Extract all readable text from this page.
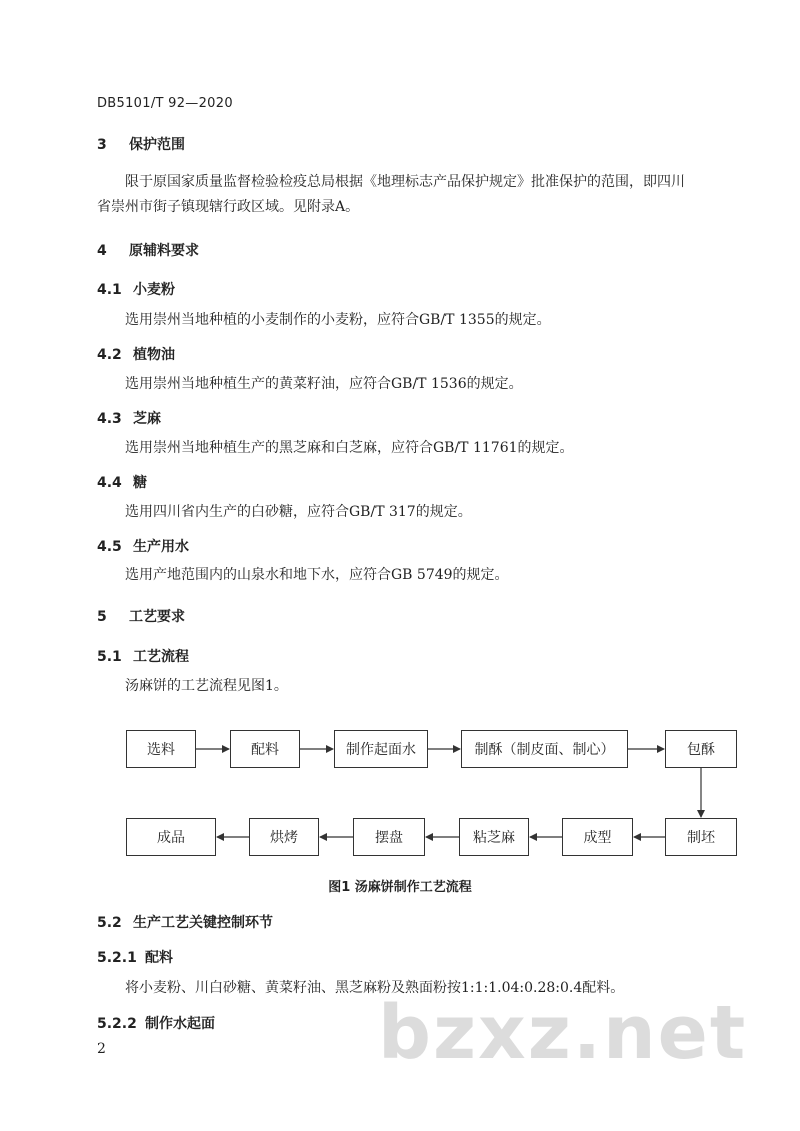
DB5101/T 92—2020
3 保护范围
限于原国家质量监督检验检疫总局根据《地理标志产品保护规定》批准保护的范围，即四川省崇州市街子镇现辖行政区域。见附录A。
4 原辅料要求
4.1 小麦粉
选用崇州当地种植的小麦制作的小麦粉，应符合GB/T 1355的规定。
4.2 植物油
选用崇州当地种植生产的黄菜籽油，应符合GB/T 1536的规定。
4.3 芝麻
选用崇州当地种植生产的黑芝麻和白芝麻，应符合GB/T 11761的规定。
4.4 糖
选用四川省内生产的白砂糖，应符合GB/T 317的规定。
4.5 生产用水
选用产地范围内的山泉水和地下水，应符合GB 5749的规定。
5 工艺要求
5.1 工艺流程
汤麻饼的工艺流程见图1。
选料	配料	制作起面水	制酥（制皮面、制心）	包酥
成品	烘烤	摆盘	粘芝麻	成型	制坯
图1 汤麻饼制作工艺流程
5.2 生产工艺关键控制环节
5.2.1 配料
将小麦粉、川白砂糖、黄菜籽油、黑芝麻粉及熟面粉按1:1:1.04:0.28:0.4配料。
5.2.2 制作水起面 bzxz.net
2
